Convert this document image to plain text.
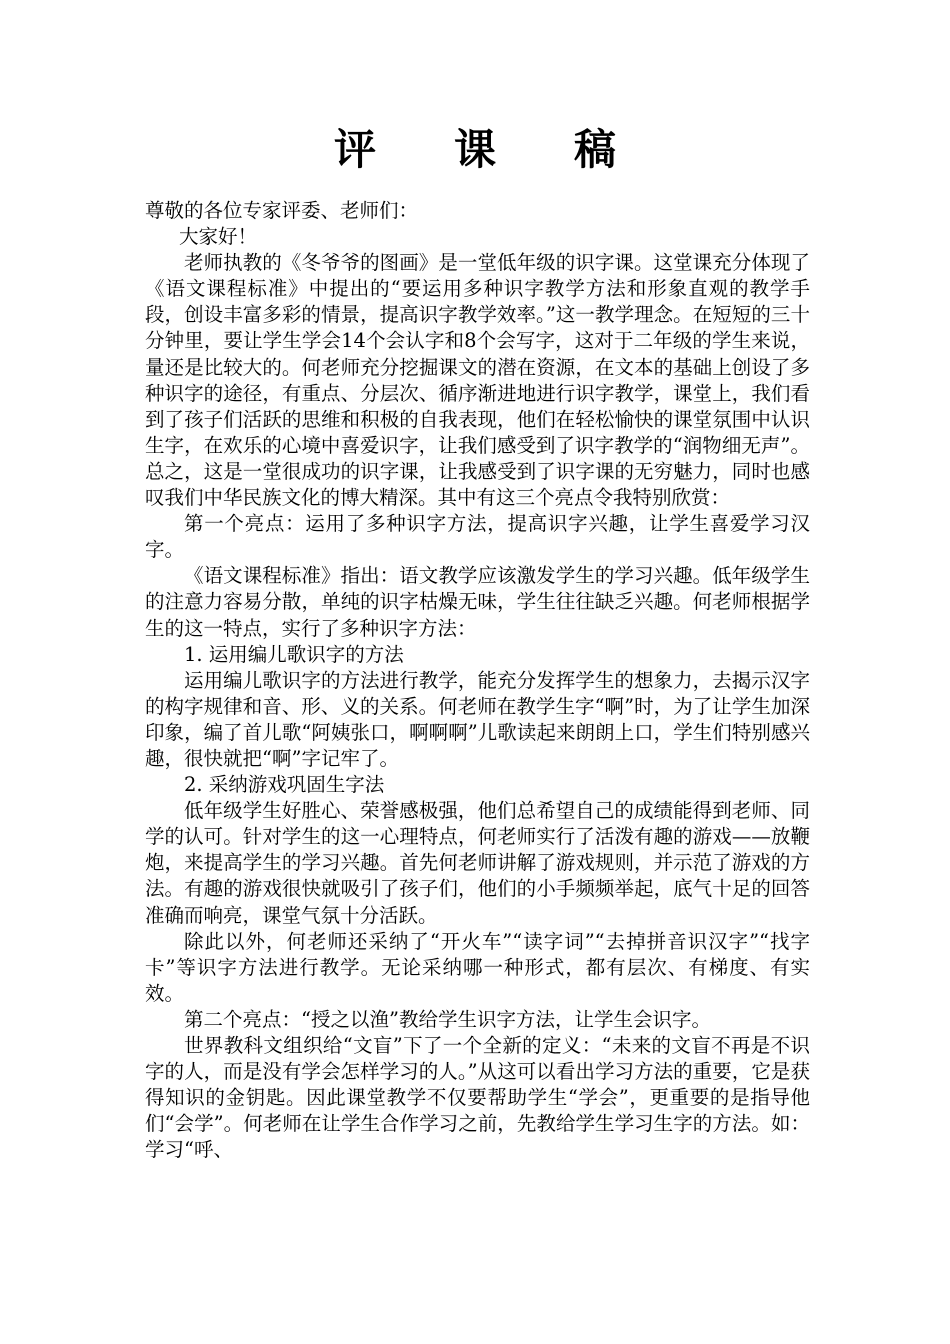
评课稿

尊敬的各位专家评委、老师们：

大家好！

老师执教的《冬爷爷的图画》是一堂低年级的识字课。这堂课充分体现了《语文课程标准》中提出的“要运用多种识字教学方法和形象直观的教学手段，创设丰富多彩的情景，提高识字教学效率。”这一教学理念。在短短的三十分钟里，要让学生学会14个会认字和8个会写字，这对于二年级的学生来说，量还是比较大的。何老师充分挖掘课文的潜在资源，在文本的基础上创设了多种识字的途径，有重点、分层次、循序渐进地进行识字教学，课堂上，我们看到了孩子们活跃的思维和积极的自我表现，他们在轻松愉快的课堂氛围中认识生字，在欢乐的心境中喜爱识字，让我们感受到了识字教学的“润物细无声”。总之，这是一堂很成功的识字课，让我感受到了识字课的无穷魅力，同时也感叹我们中华民族文化的博大精深。其中有这三个亮点令我特别欣赏：

第一个亮点：运用了多种识字方法，提高识字兴趣，让学生喜爱学习汉字。

《语文课程标准》指出：语文教学应该激发学生的学习兴趣。低年级学生的注意力容易分散，单纯的识字枯燥无味，学生往往缺乏兴趣。何老师根据学生的这一特点，实行了多种识字方法：

1. 运用编儿歌识字的方法

运用编儿歌识字的方法进行教学，能充分发挥学生的想象力，去揭示汉字的构字规律和音、形、义的关系。何老师在教学生字“啊”时，为了让学生加深印象，编了首儿歌“阿姨张口，啊啊啊”儿歌读起来朗朗上口，学生们特别感兴趣，很快就把“啊”字记牢了。

2. 采纳游戏巩固生字法

低年级学生好胜心、荣誉感极强，他们总希望自己的成绩能得到老师、同学的认可。针对学生的这一心理特点，何老师实行了活泼有趣的游戏——放鞭炮，来提高学生的学习兴趣。首先何老师讲解了游戏规则，并示范了游戏的方法。有趣的游戏很快就吸引了孩子们，他们的小手频频举起，底气十足的回答准确而响亮，课堂气氛十分活跃。

除此以外，何老师还采纳了“开火车”“读字词”“去掉拼音识汉字”“找字卡”等识字方法进行教学。无论采纳哪一种形式，都有层次、有梯度、有实效。

第二个亮点：“授之以渔”教给学生识字方法，让学生会识字。

世界教科文组织给“文盲”下了一个全新的定义：“未来的文盲不再是不识字的人，而是没有学会怎样学习的人。”从这可以看出学习方法的重要，它是获得知识的金钥匙。因此课堂教学不仅要帮助学生“学会”，更重要的是指导他们“会学”。何老师在让学生合作学习之前，先教给学生学习生字的方法。如：学习“呼、
